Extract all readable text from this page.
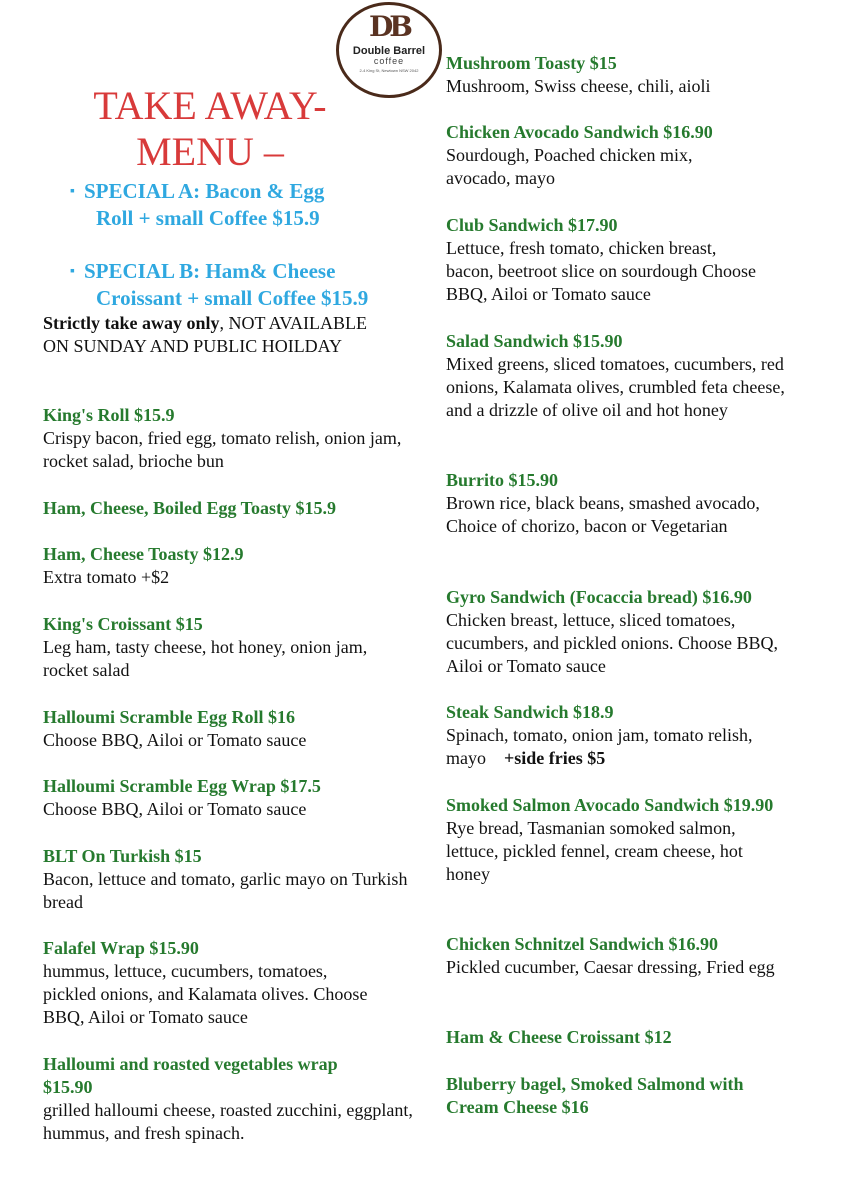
DB
Double Barrel
coffee
2-4 King St, Newtown NSW 2042
TAKE AWAY-
MENU –
▪ SPECIAL A: Bacon & Egg
Roll + small Coffee $15.9
▪ SPECIAL B: Ham& Cheese
Croissant + small Coffee $15.9
Strictly take away only, NOT AVAILABLE ON SUNDAY AND PUBLIC HOILDAY
King's Roll $15.9
Crispy bacon, fried egg, tomato relish, onion jam, rocket salad, brioche bun
Ham, Cheese, Boiled Egg Toasty $15.9
Ham, Cheese Toasty $12.9
Extra tomato +$2
King's Croissant $15
Leg ham, tasty cheese, hot honey, onion jam, rocket salad
Halloumi Scramble Egg Roll $16
Choose BBQ, Ailoi or Tomato sauce
Halloumi Scramble Egg Wrap $17.5
Choose BBQ, Ailoi or Tomato sauce
BLT On Turkish $15
Bacon, lettuce and tomato, garlic mayo on Turkish bread
Falafel Wrap $15.90
hummus, lettuce, cucumbers, tomatoes, pickled onions, and Kalamata olives. Choose BBQ, Ailoi or Tomato sauce
Halloumi and roasted vegetables wrap $15.90
grilled halloumi cheese, roasted zucchini, eggplant, hummus, and fresh spinach.
Mushroom Toasty $15
Mushroom, Swiss cheese, chili, aioli
Chicken Avocado Sandwich $16.90
Sourdough, Poached chicken mix, avocado, mayo
Club Sandwich $17.90
Lettuce, fresh tomato, chicken breast, bacon, beetroot slice on sourdough Choose BBQ, Ailoi or Tomato sauce
Salad Sandwich $15.90
Mixed greens, sliced tomatoes, cucumbers, red onions, Kalamata olives, crumbled feta cheese, and a drizzle of olive oil and hot honey
Burrito $15.90
Brown rice, black beans, smashed avocado, Choice of chorizo, bacon or Vegetarian
Gyro Sandwich (Focaccia bread) $16.90
Chicken breast, lettuce, sliced tomatoes, cucumbers, and pickled onions. Choose BBQ, Ailoi or Tomato sauce
Steak Sandwich $18.9
Spinach, tomato, onion jam, tomato relish, mayo +side fries $5
Smoked Salmon Avocado Sandwich $19.90
Rye bread, Tasmanian somoked salmon, lettuce, pickled fennel, cream cheese, hot honey
Chicken Schnitzel Sandwich $16.90
Pickled cucumber, Caesar dressing, Fried egg
Ham & Cheese Croissant $12
Bluberry bagel, Smoked Salmond with Cream Cheese $16
